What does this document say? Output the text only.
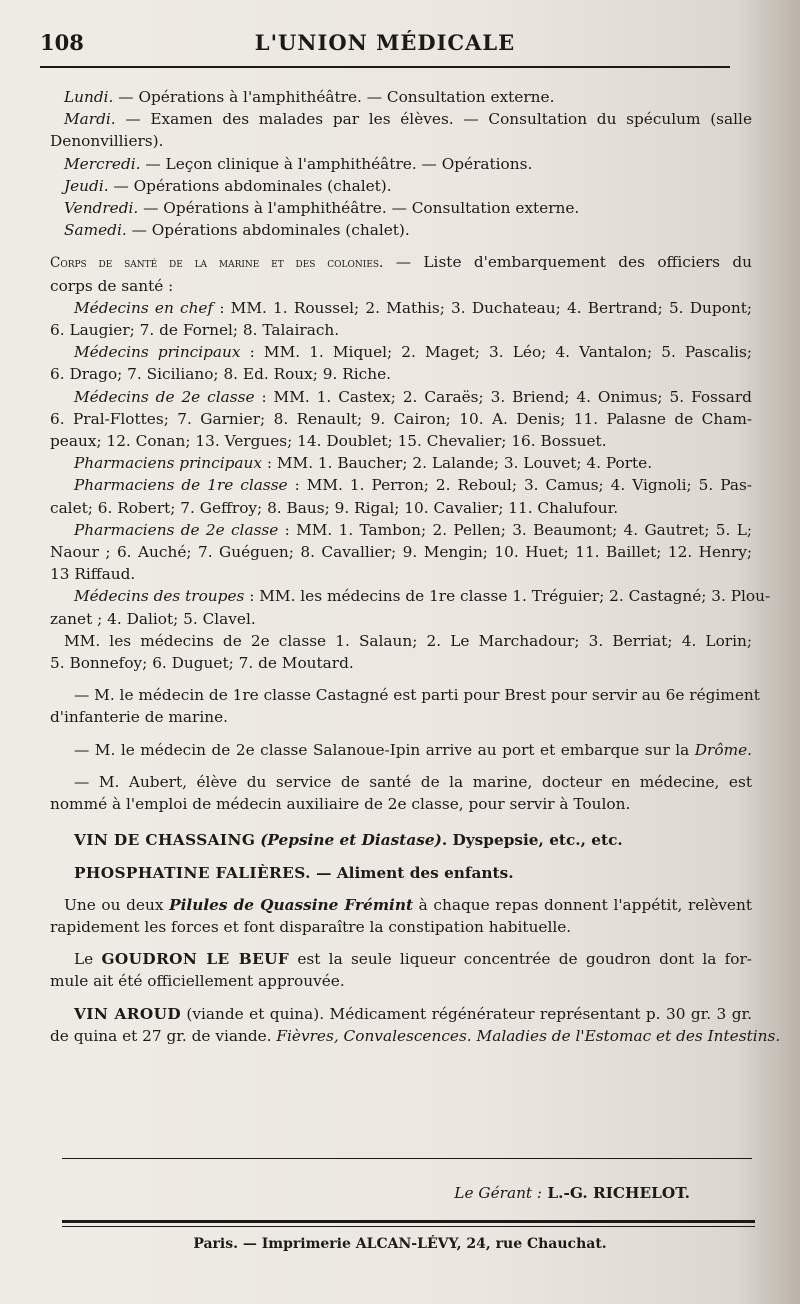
108	L'UNION MÉDICALE
Lundi. — Opérations à l'amphithéâtre. — Consultation externe.
Mardi. — Examen des malades par les élèves. — Consultation du spéculum (salle
Denonvilliers).
Mercredi. — Leçon clinique à l'amphithéâtre. — Opérations.
Jeudi. — Opérations abdominales (chalet).
Vendredi. — Opérations à l'amphithéâtre. — Consultation externe.
Samedi. — Opérations abdominales (chalet).
Corps de santé de la marine et des colonies. — Liste d'embarquement des officiers du
corps de santé :
Médecins en chef : MM. 1. Roussel; 2. Mathis; 3. Duchateau; 4. Bertrand; 5. Dupont;
6. Laugier; 7. de Fornel; 8. Talairach.
Médecins principaux : MM. 1. Miquel; 2. Maget; 3. Léo; 4. Vantalon; 5. Pascalis;
6. Drago; 7. Siciliano; 8. Ed. Roux; 9. Riche.
Médecins de 2e classe : MM. 1. Castex; 2. Caraës; 3. Briend; 4. Onimus; 5. Fossard
6. Pral-Flottes; 7. Garnier; 8. Renault; 9. Cairon; 10. A. Denis; 11. Palasne de Cham-
peaux; 12. Conan; 13. Vergues; 14. Doublet; 15. Chevalier; 16. Bossuet.
Pharmaciens principaux : MM. 1. Baucher; 2. Lalande; 3. Louvet; 4. Porte.
Pharmaciens de 1re classe : MM. 1. Perron; 2. Reboul; 3. Camus; 4. Vignoli; 5. Pas-
calet; 6. Robert; 7. Geffroy; 8. Baus; 9. Rigal; 10. Cavalier; 11. Chalufour.
Pharmaciens de 2e classe : MM. 1. Tambon; 2. Pellen; 3. Beaumont; 4. Gautret; 5. L;
Naour ; 6. Auché; 7. Guéguen; 8. Cavallier; 9. Mengin; 10. Huet; 11. Baillet; 12. Henry;
13 Riffaud.
Médecins des troupes : MM. les médecins de 1re classe 1. Tréguier; 2. Castagné; 3. Plou-
zanet ; 4. Daliot; 5. Clavel.
MM. les médecins de 2e classe 1. Salaun; 2. Le Marchadour; 3. Berriat; 4. Lorin;
5. Bonnefoy; 6. Duguet; 7. de Moutard.
— M. le médecin de 1re classe Castagné est parti pour Brest pour servir au 6e régiment
d'infanterie de marine.
— M. le médecin de 2e classe Salanoue-Ipin arrive au port et embarque sur la Drôme.
— M. Aubert, élève du service de santé de la marine, docteur en médecine, est
nommé à l'emploi de médecin auxiliaire de 2e classe, pour servir à Toulon.
VIN DE CHASSAING (Pepsine et Diastase). Dyspepsie, etc., etc.
PHOSPHATINE FALIÈRES. — Aliment des enfants.
Une ou deux Pilules de Quassine Frémint à chaque repas donnent l'appétit, relèvent
rapidement les forces et font disparaître la constipation habituelle.
Le GOUDRON LE BEUF est la seule liqueur concentrée de goudron dont la for-
mule ait été officiellement approuvée.
VIN AROUD (viande et quina). Médicament régénérateur représentant p. 30 gr. 3 gr.
de quina et 27 gr. de viande. Fièvres, Convalescences. Maladies de l'Estomac et des Intestins.
Le Gérant : L.-G. RICHELOT.
Paris. — Imprimerie ALCAN-LÉVY, 24, rue Chauchat.
